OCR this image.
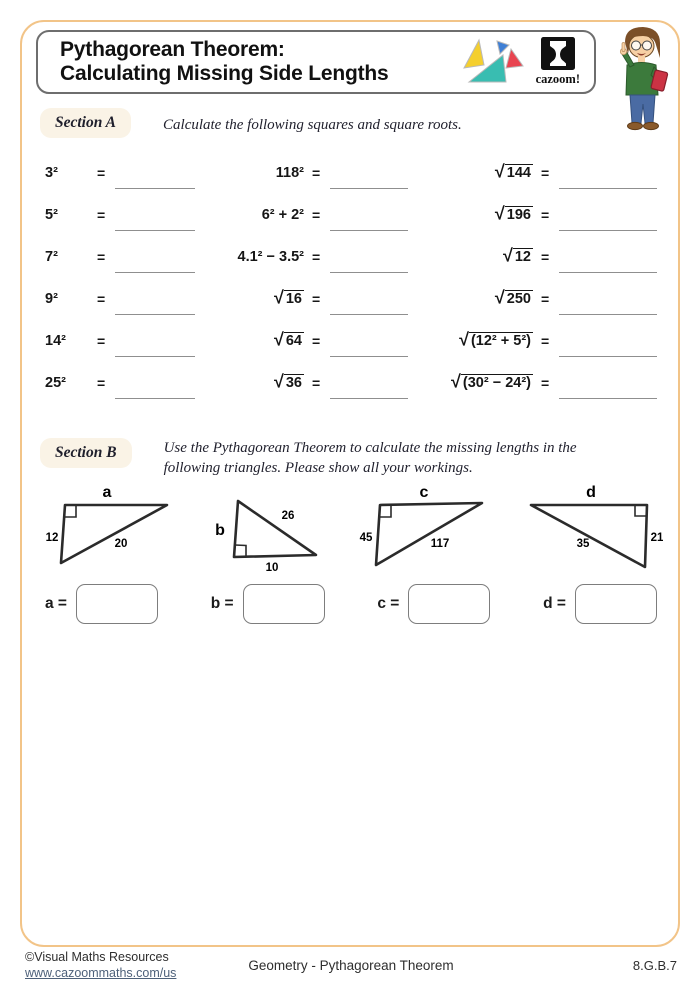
Pythagorean Theorem:
Calculating Missing Side Lengths	cazoom!
Section A	Calculate the following squares and square roots.
3²	=	118² =	√ 144 =
5²	=	6² + 2² =	√ 196 =
7²	=	4.1² − 3.5² =	√ 12 =
9²	=	√ 16 =	√ 250 =
14²	=	√ 64 =	√ (12² + 5²) =
25²	=	√ 36 =	√ (30² − 24²) =
Section B	Use the Pythagorean Theorem to calculate the missing lengths in the following triangles. Please show all your workings.
a
12	20
b
26
10
c
45	117
d
21
35
a =	b =	c =	d =
©Visual Maths Resources
www.cazoommaths.com/us	Geometry - Pythagorean Theorem	8.G.B.7
